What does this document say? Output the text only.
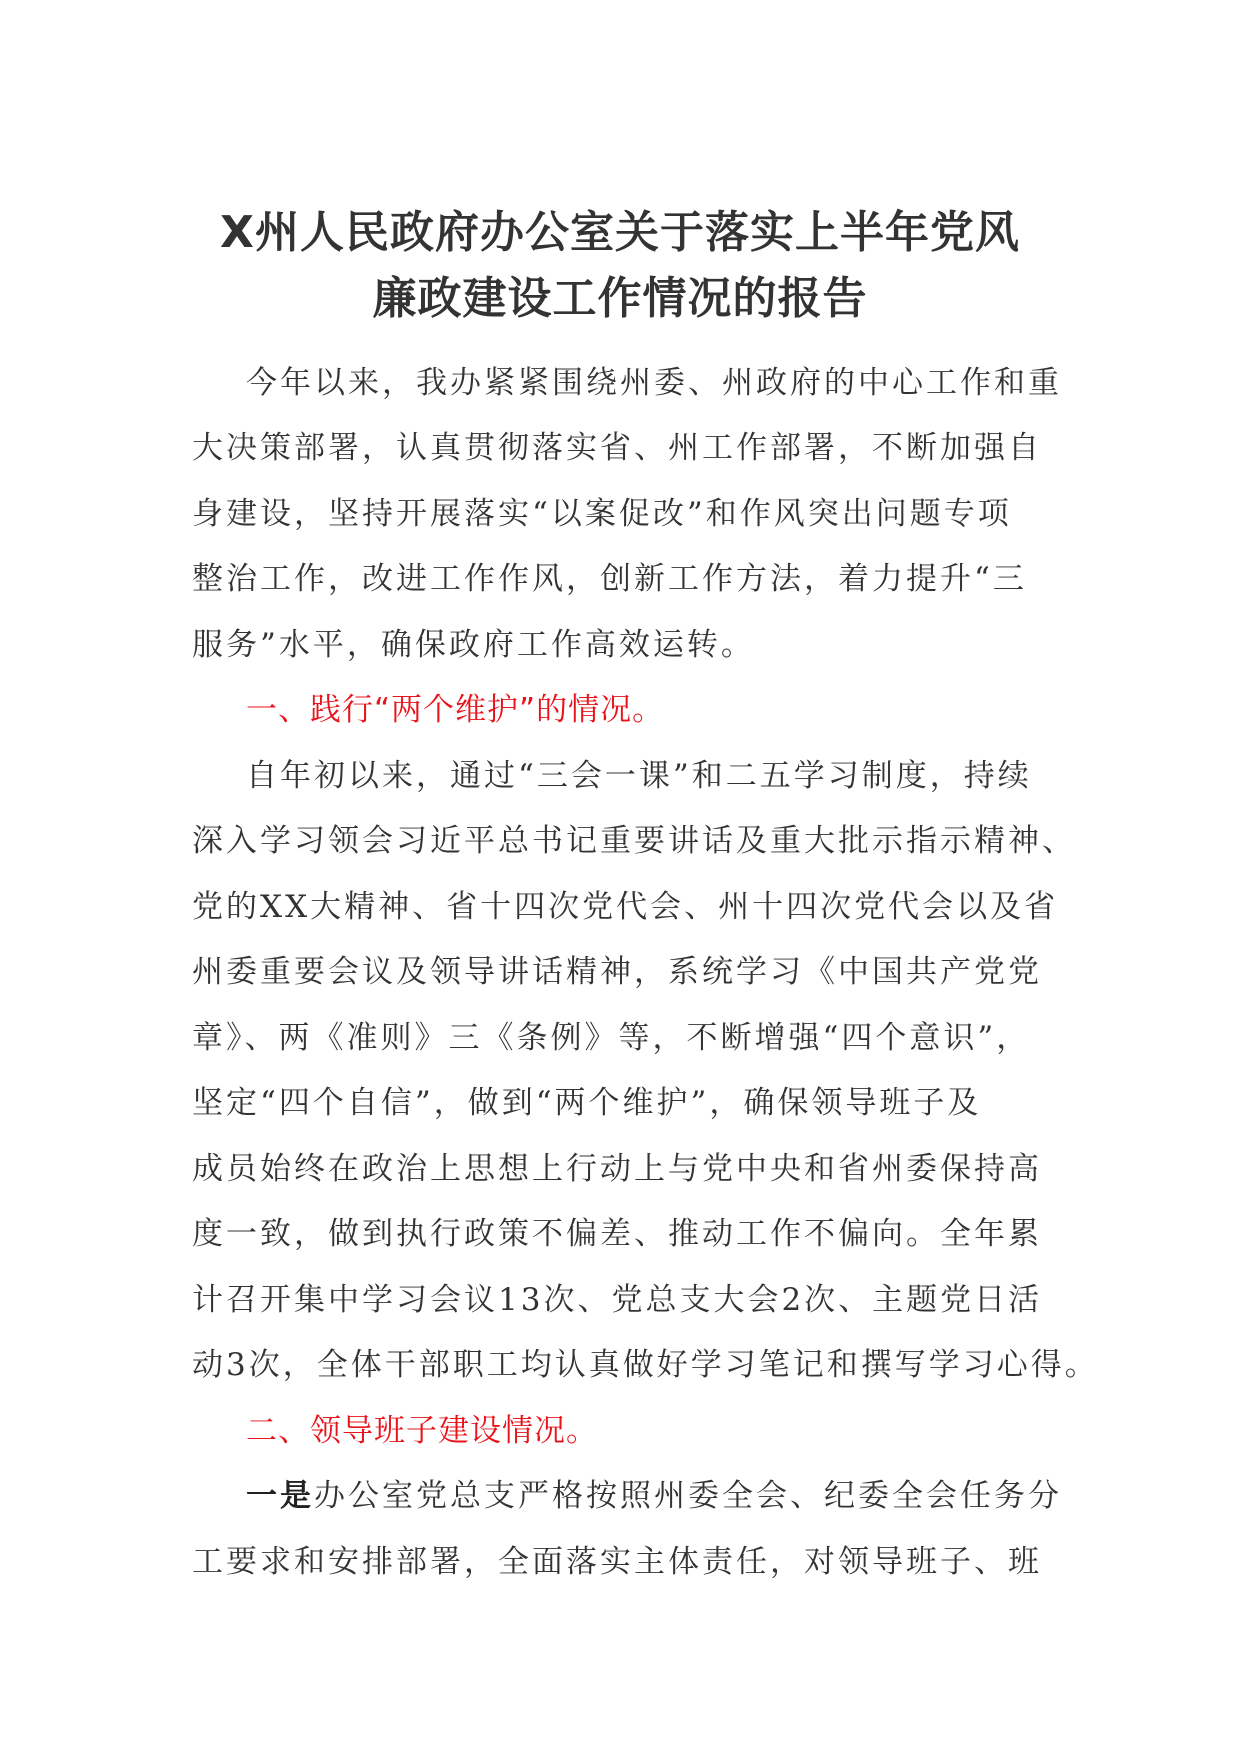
X州人民政府办公室关于落实上半年党风
廉政建设工作情况的报告
今年以来，我办紧紧围绕州委、州政府的中心工作和重
大决策部署，认真贯彻落实省、州工作部署，不断加强自
身建设，坚持开展落实“以案促改”和作风突出问题专项
整治工作，改进工作作风，创新工作方法，着力提升“三
服务”水平，确保政府工作高效运转。
一、践行“两个维护”的情况。
自年初以来，通过“三会一课”和二五学习制度，持续
深入学习领会习近平总书记重要讲话及重大批示指示精神、
党的XX大精神、省十四次党代会、州十四次党代会以及省
州委重要会议及领导讲话精神，系统学习《中国共产党党
章》、两《准则》三《条例》等，不断增强“四个意识”，
坚定“四个自信”，做到“两个维护”，确保领导班子及
成员始终在政治上思想上行动上与党中央和省州委保持高
度一致，做到执行政策不偏差、推动工作不偏向。全年累
计召开集中学习会议13次、党总支大会2次、主题党日活
动3次，全体干部职工均认真做好学习笔记和撰写学习心得。
二、领导班子建设情况。
一是办公室党总支严格按照州委全会、纪委全会任务分
工要求和安排部署，全面落实主体责任，对领导班子、班
